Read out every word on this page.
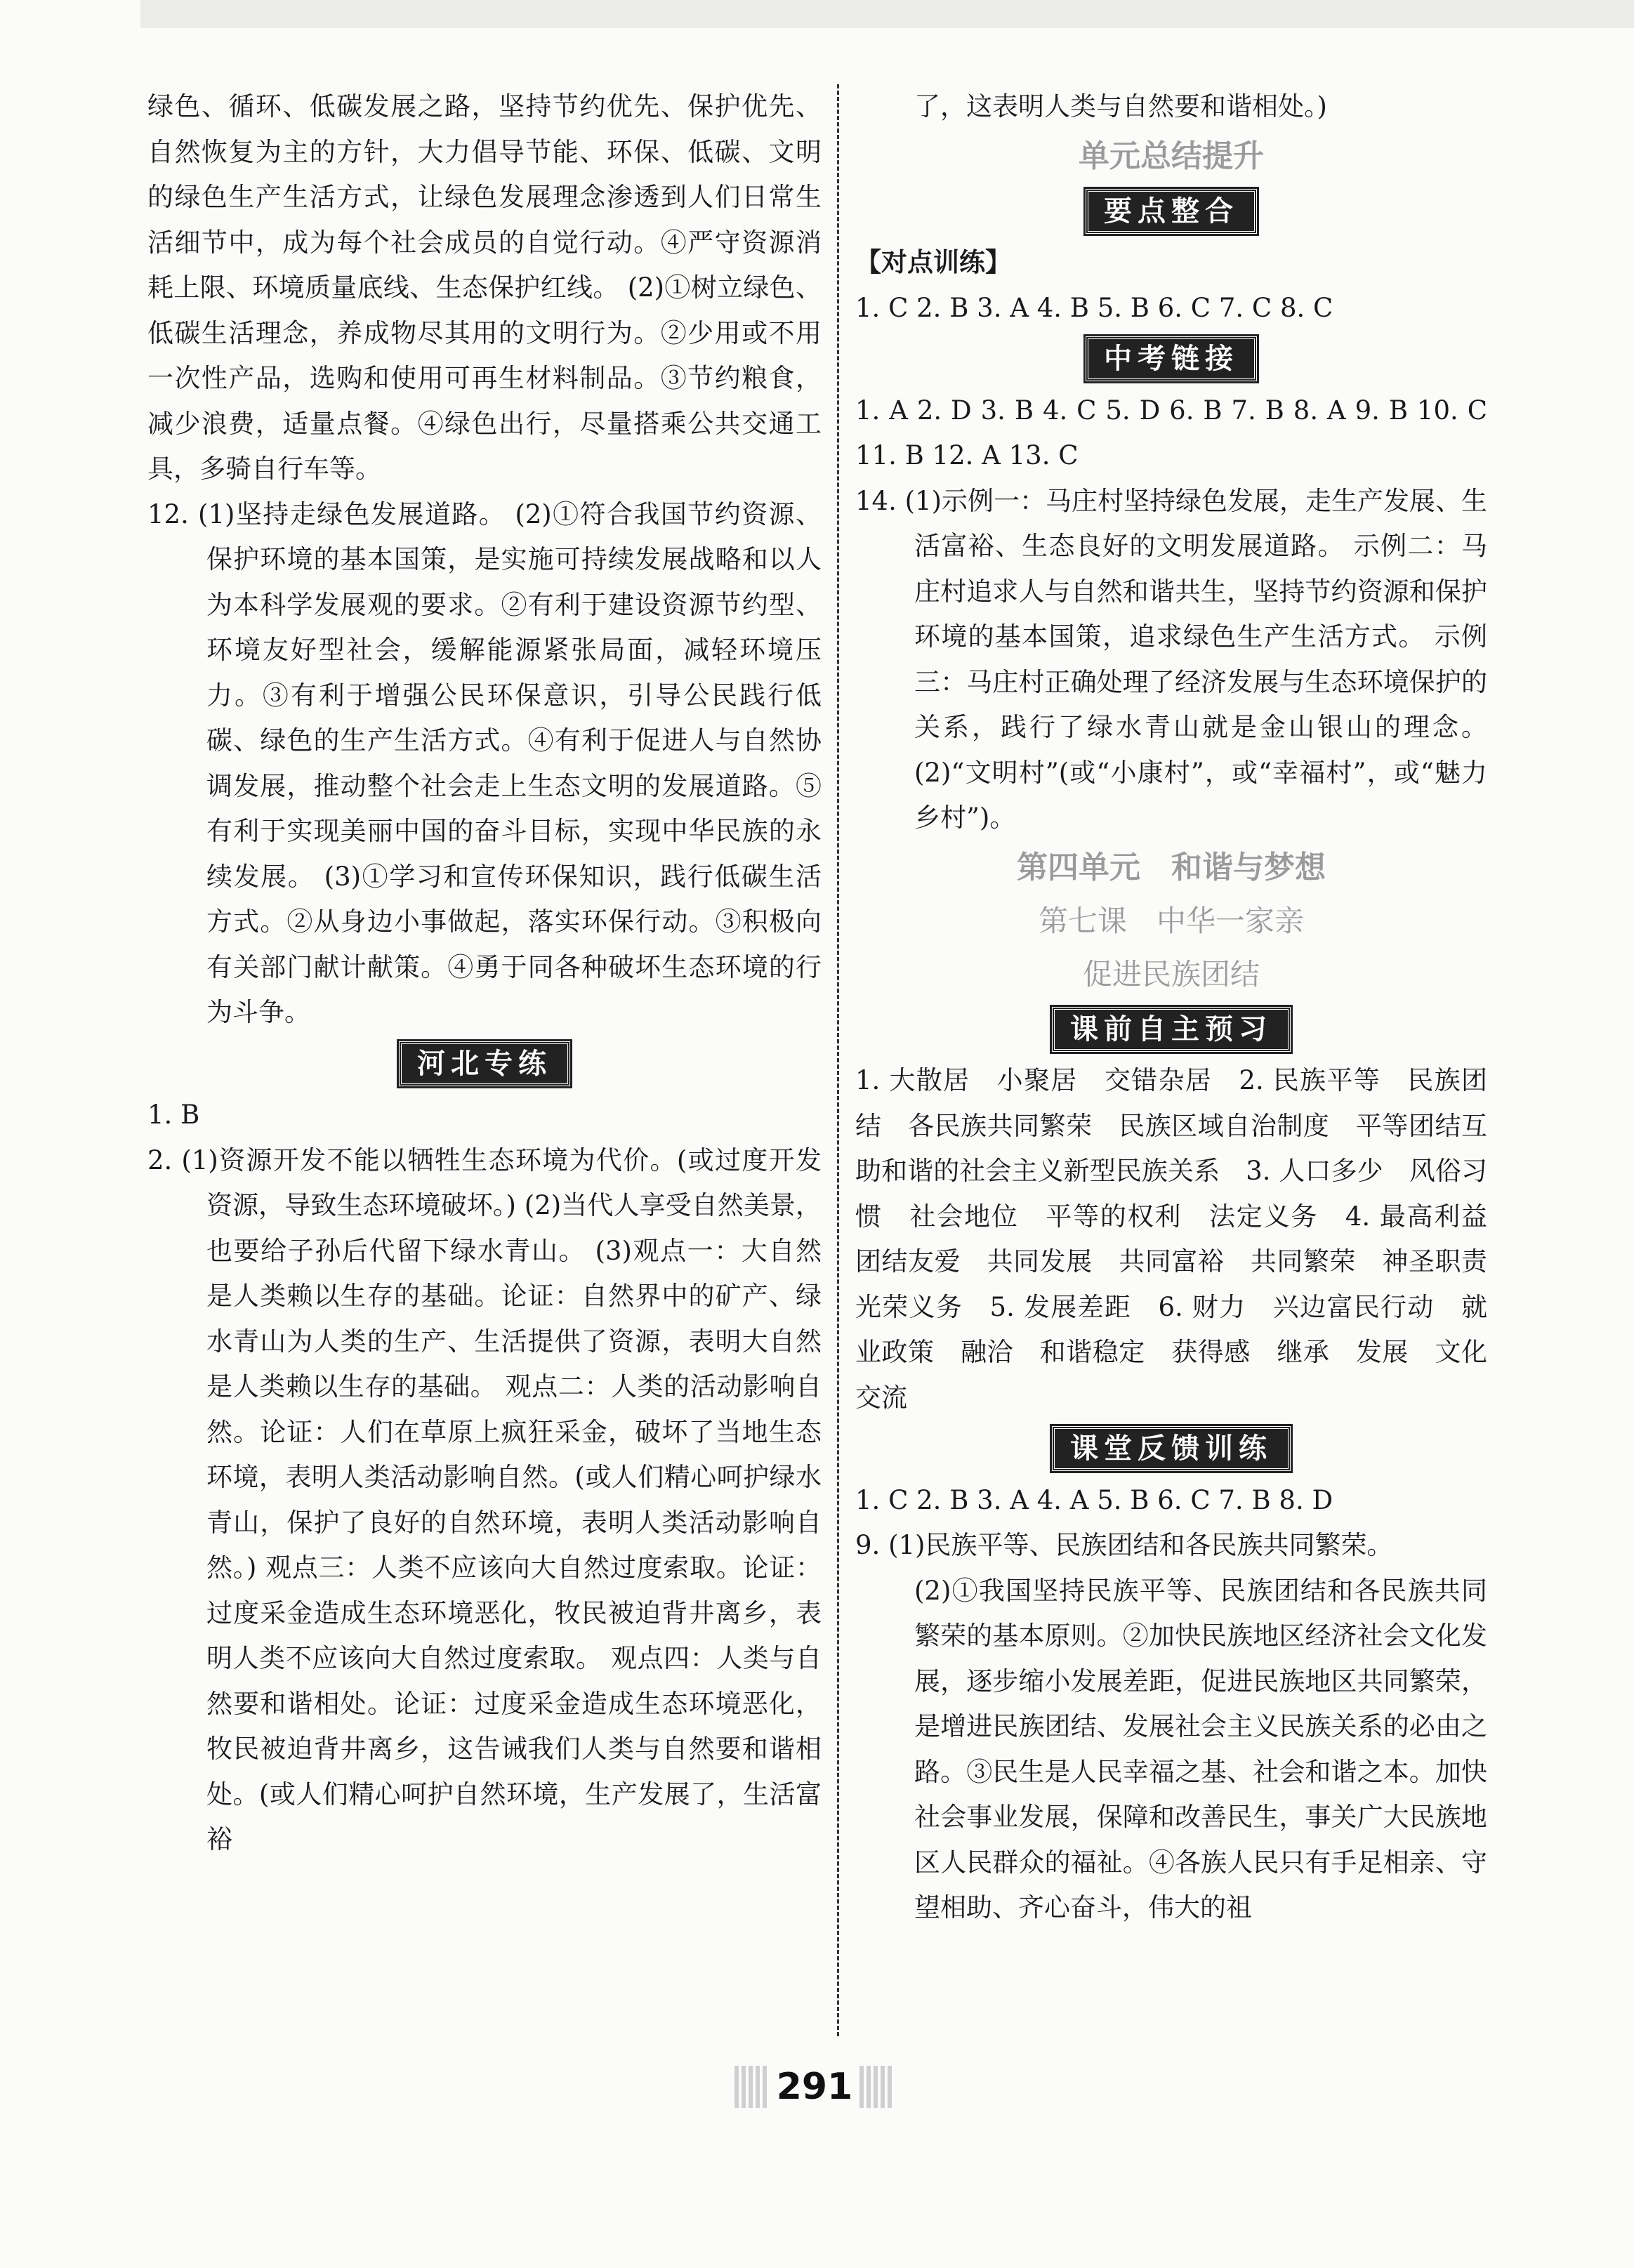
绿色、循环、低碳发展之路，坚持节约优先、保护优先、自然恢复为主的方针，大力倡导节能、环保、低碳、文明的绿色生产生活方式，让绿色发展理念渗透到人们日常生活细节中，成为每个社会成员的自觉行动。④严守资源消耗上限、环境质量底线、生态保护红线。 (2)①树立绿色、低碳生活理念，养成物尽其用的文明行为。②少用或不用一次性产品，选购和使用可再生材料制品。③节约粮食，减少浪费，适量点餐。④绿色出行，尽量搭乘公共交通工具，多骑自行车等。

12. (1)坚持走绿色发展道路。 (2)①符合我国节约资源、保护环境的基本国策，是实施可持续发展战略和以人为本科学发展观的要求。②有利于建设资源节约型、环境友好型社会，缓解能源紧张局面，减轻环境压力。③有利于增强公民环保意识，引导公民践行低碳、绿色的生产生活方式。④有利于促进人与自然协调发展，推动整个社会走上生态文明的发展道路。⑤有利于实现美丽中国的奋斗目标，实现中华民族的永续发展。 (3)①学习和宣传环保知识，践行低碳生活方式。②从身边小事做起，落实环保行动。③积极向有关部门献计献策。④勇于同各种破坏生态环境的行为斗争。

河北专练

1. B

2. (1)资源开发不能以牺牲生态环境为代价。(或过度开发资源，导致生态环境破坏。) (2)当代人享受自然美景，也要给子孙后代留下绿水青山。 (3)观点一：大自然是人类赖以生存的基础。论证：自然界中的矿产、绿水青山为人类的生产、生活提供了资源，表明大自然是人类赖以生存的基础。 观点二：人类的活动影响自然。论证：人们在草原上疯狂采金，破坏了当地生态环境，表明人类活动影响自然。(或人们精心呵护绿水青山，保护了良好的自然环境，表明人类活动影响自然。) 观点三：人类不应该向大自然过度索取。论证：过度采金造成生态环境恶化，牧民被迫背井离乡，表明人类不应该向大自然过度索取。 观点四：人类与自然要和谐相处。论证：过度采金造成生态环境恶化，牧民被迫背井离乡，这告诫我们人类与自然要和谐相处。(或人们精心呵护自然环境，生产发展了，生活富裕

了，这表明人类与自然要和谐相处。)

单元总结提升
要点整合

【对点训练】

1. C 2. B 3. A 4. B 5. B 6. C 7. C 8. C

中考链接

1. A 2. D 3. B 4. C 5. D 6. B 7. B 8. A 9. B 10. C 11. B 12. A 13. C

14. (1)示例一：马庄村坚持绿色发展，走生产发展、生活富裕、生态良好的文明发展道路。 示例二：马庄村追求人与自然和谐共生，坚持节约资源和保护环境的基本国策，追求绿色生产生活方式。 示例三：马庄村正确处理了经济发展与生态环境保护的关系，践行了绿水青山就是金山银山的理念。 (2)“文明村”(或“小康村”，或“幸福村”，或“魅力乡村”)。

第四单元　和谐与梦想
第七课　中华一家亲
促进民族团结
课前自主预习

1. 大散居　小聚居　交错杂居　2. 民族平等　民族团结　各民族共同繁荣　民族区域自治制度　平等团结互助和谐的社会主义新型民族关系　3. 人口多少　风俗习惯　社会地位　平等的权利　法定义务　4. 最高利益　团结友爱　共同发展　共同富裕　共同繁荣　神圣职责　光荣义务　5. 发展差距　6. 财力　兴边富民行动　就业政策　融洽　和谐稳定　获得感　继承　发展　文化交流

课堂反馈训练

1. C 2. B 3. A 4. A 5. B 6. C 7. B 8. D

9. (1)民族平等、民族团结和各民族共同繁荣。

(2)①我国坚持民族平等、民族团结和各民族共同繁荣的基本原则。②加快民族地区经济社会文化发展，逐步缩小发展差距，促进民族地区共同繁荣，是增进民族团结、发展社会主义民族关系的必由之路。③民生是人民幸福之基、社会和谐之本。加快社会事业发展，保障和改善民生，事关广大民族地区人民群众的福祉。④各族人民只有手足相亲、守望相助、齐心奋斗，伟大的祖

291
